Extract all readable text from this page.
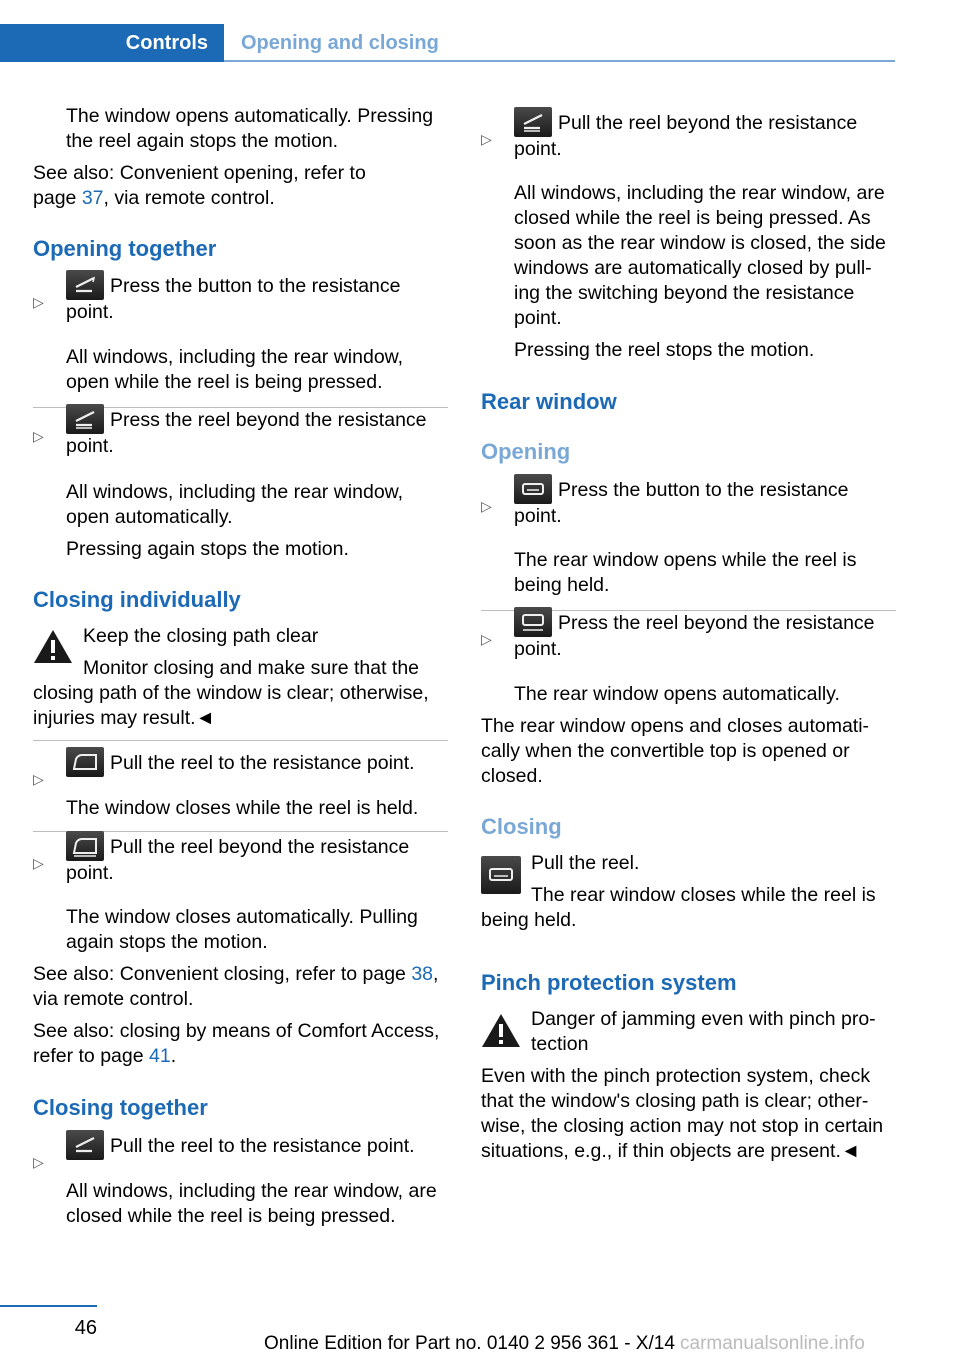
Controls	Opening and closing

The window opens automatically. Pressing the reel again stops the motion.

See also: Convenient opening, refer to page 37, via remote control.

Opening together
▷

Press the button to the resistance point.

All windows, including the rear window, open while the reel is being pressed.

▷

Press the reel beyond the resistance point.

All windows, including the rear window, open automatically.

Pressing again stops the motion.

Closing individually

Keep the closing path clear

Monitor closing and make sure that the closing path of the window is clear; otherwise, injuries may result.◄

▷

Pull the reel to the resistance point.

The window closes while the reel is held.

▷

Pull the reel beyond the resistance point.

The window closes automatically. Pulling again stops the motion.

See also: Convenient closing, refer to page 38, via remote control.

See also: closing by means of Comfort Access, refer to page 41.

Closing together
▷

Pull the reel to the resistance point.

All windows, including the rear window, are closed while the reel is being pressed.

▷

Pull the reel beyond the resistance point.

All windows, including the rear window, are closed while the reel is being pressed. As soon as the rear window is closed, the side windows are automatically closed by pull‐ing the switching beyond the resistance point.

Pressing the reel stops the motion.

Rear window
Opening
▷

Press the button to the resistance point.

The rear window opens while the reel is being held.

▷

Press the reel beyond the resistance point.

The rear window opens automatically.

The rear window opens and closes automati‐cally when the convertible top is opened or closed.

Closing

Pull the reel.

The rear window closes while the reel is being held.

Pinch protection system

Danger of jamming even with pinch pro‐tection

Even with the pinch protection system, check that the window's closing path is clear; other‐wise, the closing action may not stop in certain situations, e.g., if thin objects are present.◄

46
Online Edition for Part no. 0140 2 956 361 - X/14 carmanualsonline.info
